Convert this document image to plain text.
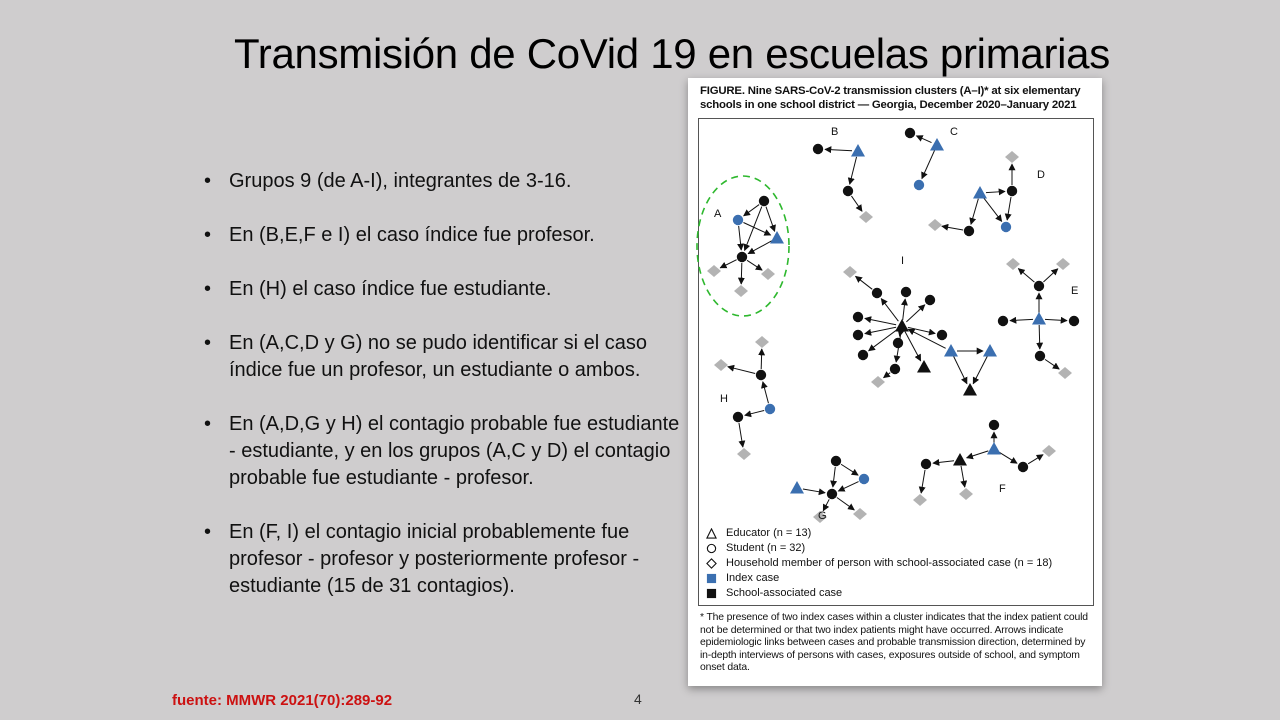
Transmisión de CoVid 19 en escuelas primarias
• Grupos 9 (de A-I), integrantes de 3-16.
• En (B,E,F e I) el caso índice fue profesor.
• En (H) el caso índice fue estudiante.
• En (A,C,D y G) no se pudo identificar si el caso índice fue un profesor, un estudiante o ambos.
• En (A,D,G y H) el contagio probable fue estudiante - estudiante, y en los grupos (A,C y D) el contagio probable fue estudiante - profesor.
• En (F, I) el contagio inicial probablemente fue profesor - profesor y posteriormente profesor - estudiante (15 de 31 contagios).
fuente: MMWR 2021(70):289-92	4
FIGURE. Nine SARS-CoV-2 transmission clusters (A–I)* at six elementary schools in one school district — Georgia, December 2020–January 2021
A
B	C
D
E
F
G
H
I
Educator (n = 13)
Student (n = 32)
Household member of person with school-associated case (n = 18)
Index case
School-associated case
* The presence of two index cases within a cluster indicates that the index patient could not be determined or that two index patients might have occurred. Arrows indicate epidemiologic links between cases and probable transmission direction, determined by in-depth interviews of persons with cases, exposures outside of school, and symptom onset data.
